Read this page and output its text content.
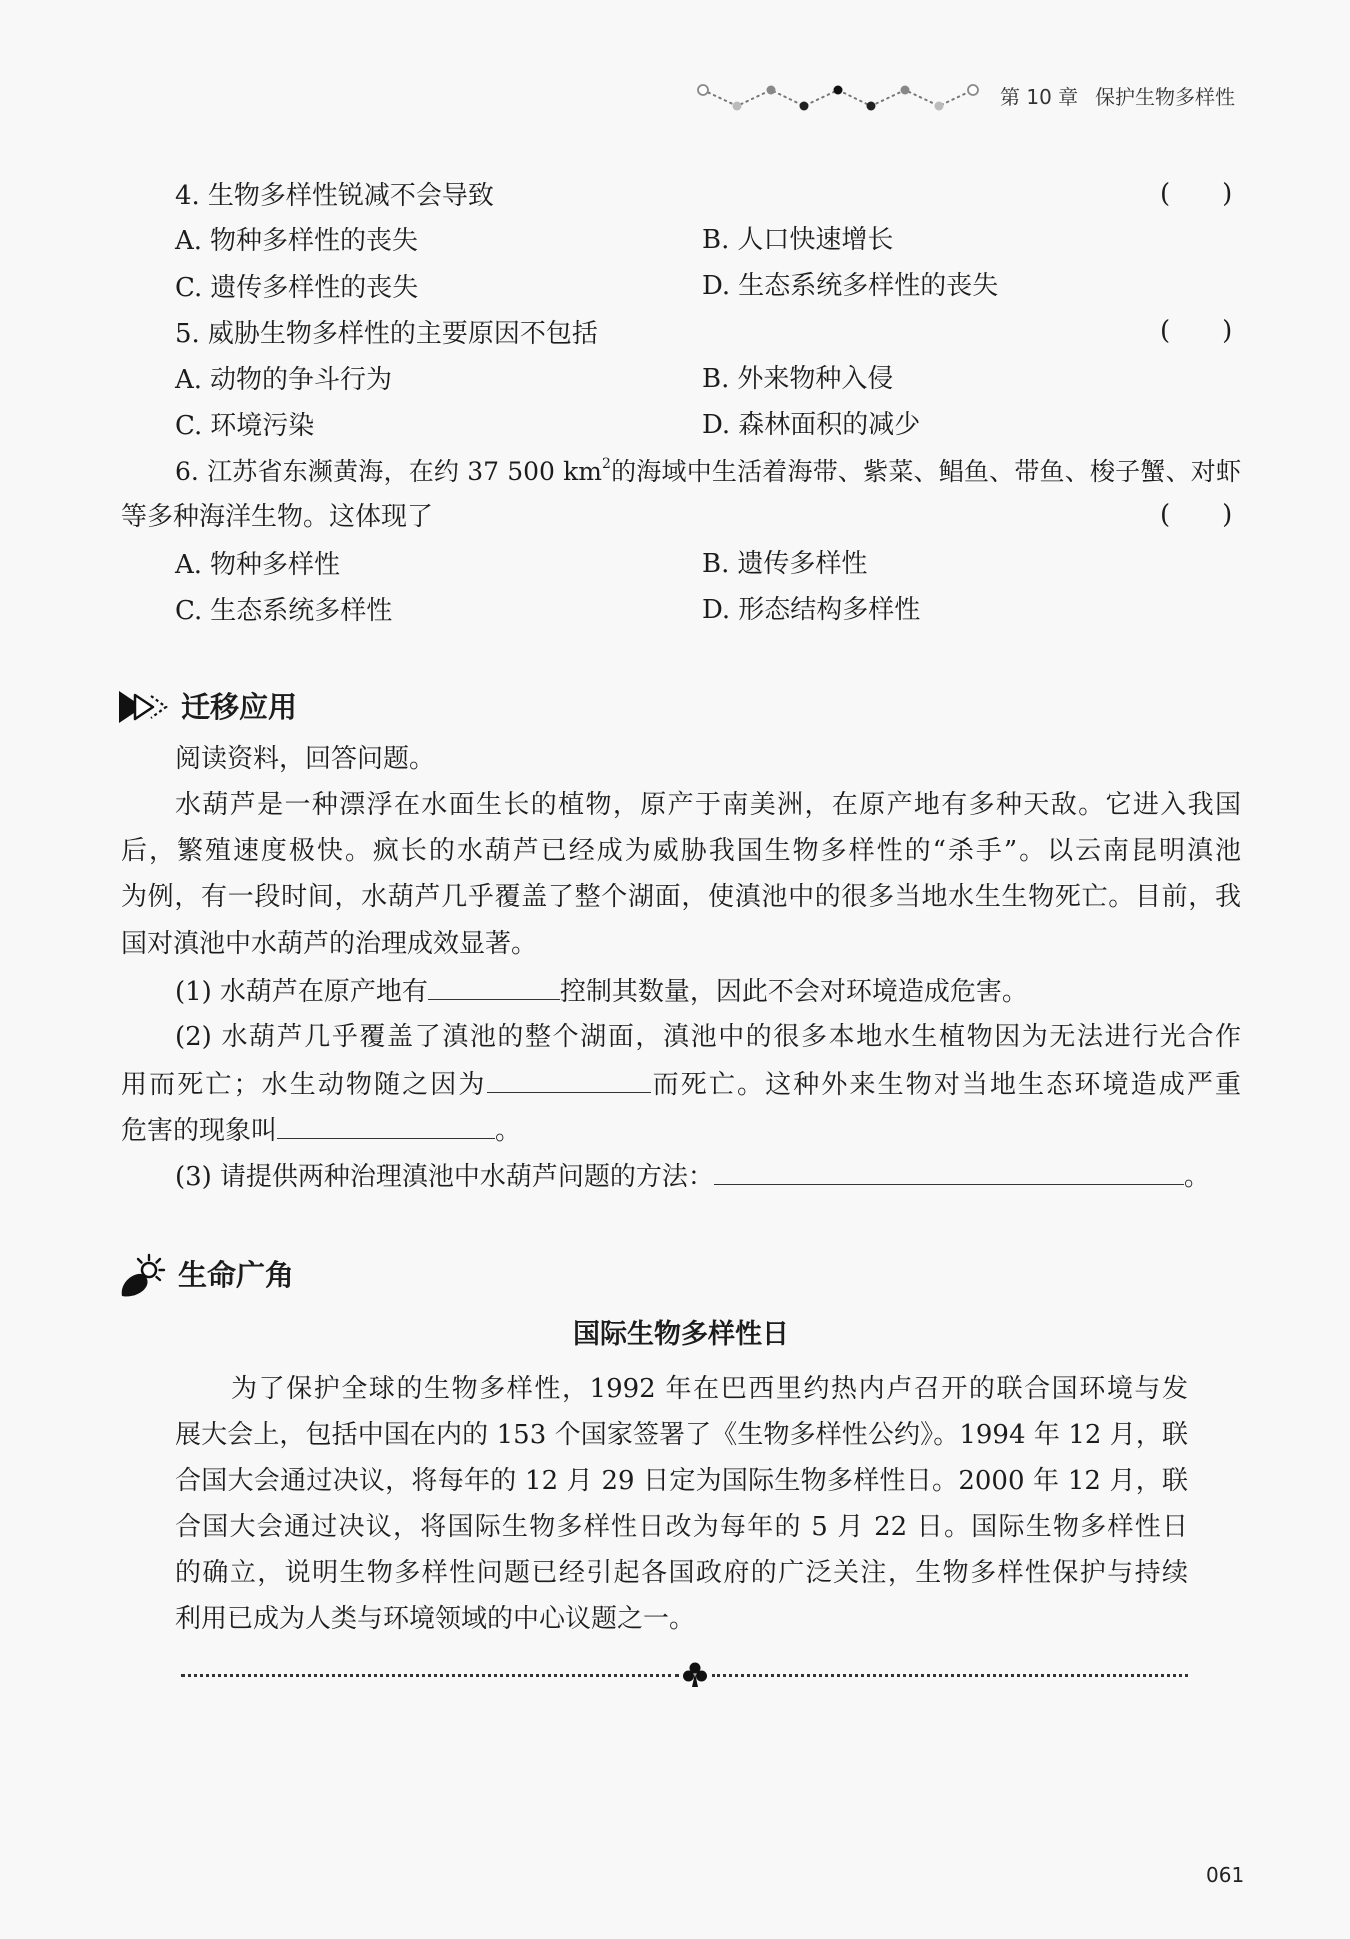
第 10 章 保护生物多样性
4. 生物多样性锐减不会导致	(　　)
A. 物种多样性的丧失	B. 人口快速增长
C. 遗传多样性的丧失	D. 生态系统多样性的丧失
5. 威胁生物多样性的主要原因不包括	(　　)
A. 动物的争斗行为	B. 外来物种入侵
C. 环境污染	D. 森林面积的减少
6. 江苏省东濒黄海，在约 37 500 $km^2$的海域中生活着海带、紫菜、鲳鱼、带鱼、梭子蟹、对虾
等多种海洋生物。这体现了	(　　)
A. 物种多样性	B. 遗传多样性
C. 生态系统多样性	D. 形态结构多样性
迁移应用
阅读资料，回答问题。
水葫芦是一种漂浮在水面生长的植物，原产于南美洲，在原产地有多种天敌。它进入我国
后，繁殖速度极快。疯长的水葫芦已经成为威胁我国生物多样性的“杀手”。以云南昆明滇池
为例，有一段时间，水葫芦几乎覆盖了整个湖面，使滇池中的很多当地水生生物死亡。目前，我
国对滇池中水葫芦的治理成效显著。
(1) 水葫芦在原产地有	控制其数量，因此不会对环境造成危害。
(2) 水葫芦几乎覆盖了滇池的整个湖面，滇池中的很多本地水生植物因为无法进行光合作
用而死亡；水生动物随之因为	而死亡。这种外来生物对当地生态环境造成严重
危害的现象叫	。
(3) 请提供两种治理滇池中水葫芦问题的方法：	。
生命广角
国际生物多样性日
为了保护全球的生物多样性，1992 年在巴西里约热内卢召开的联合国环境与发
展大会上，包括中国在内的 153 个国家签署了《生物多样性公约》。1994 年 12 月，联
合国大会通过决议，将每年的 12 月 29 日定为国际生物多样性日。2000 年 12 月，联
合国大会通过决议，将国际生物多样性日改为每年的 5 月 22 日。国际生物多样性日
的确立，说明生物多样性问题已经引起各国政府的广泛关注，生物多样性保护与持续
利用已成为人类与环境领域的中心议题之一。
061
